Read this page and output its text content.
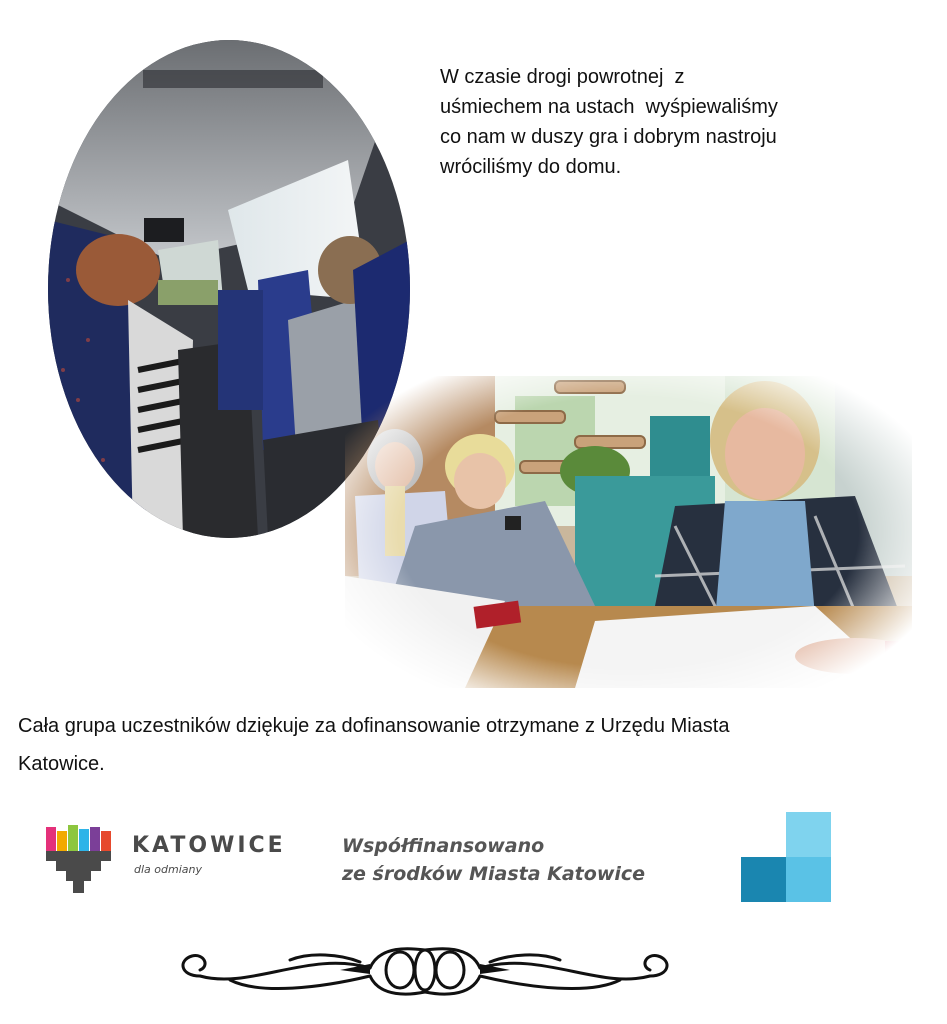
W czasie drogi powrotnej  z
uśmiechem na ustach  wyśpiewaliśmy
co nam w duszy gra i dobrym nastroju
wróciliśmy do domu.
Cała grupa uczestników dziękuje za dofinansowanie otrzymane z Urzędu Miasta
Katowice.
KATOWICE
dla odmiany
Współfinansowano
ze środków Miasta Katowice
